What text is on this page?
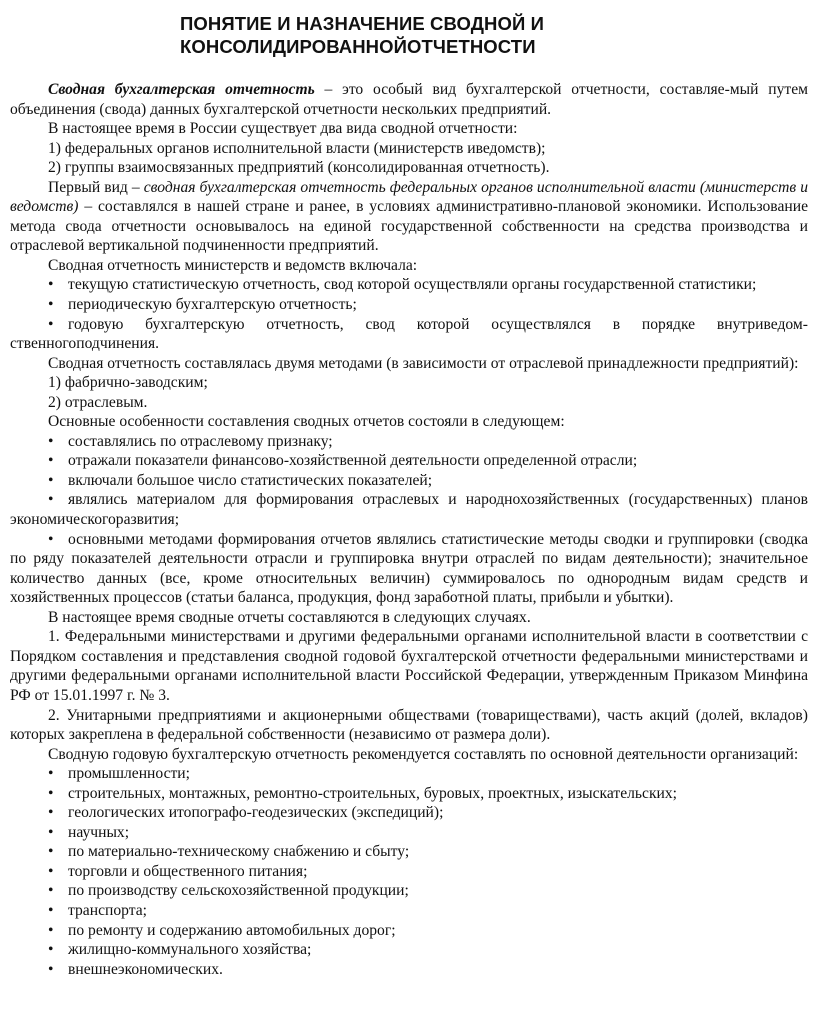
ПОНЯТИЕ И НАЗНАЧЕНИЕ СВОДНОЙ И
КОНСОЛИДИРОВАННОЙОТЧЕТНОСТИ

Сводная бухгалтерская отчетность – это особый вид бухгалтерской отчетности, составляе-мый путем объединения (свода) данных бухгалтерской отчетности нескольких предприятий.

В настоящее время в России существует два вида сводной отчетности:

1) федеральных органов исполнительной власти (министерств иведомств);

2) группы взаимосвязанных предприятий (консолидированная отчетность).

Первый вид – сводная бухгалтерская отчетность федеральных органов исполнительной власти (министерств и ведомств) – составлялся в нашей стране и ранее, в условиях административно-плановой экономики. Использование метода свода отчетности основывалось на единой государственной собственности на средства производства и отраслевой вертикальной подчиненности предприятий.

Сводная отчетность министерств и ведомств включала:

• текущую статистическую отчетность, свод которой осуществляли органы государственной статистики;

• периодическую бухгалтерскую отчетность;

• годовую бухгалтерскую отчетность, свод которой осуществлялся в порядке внутриведом-ственногоподчинения.

Сводная отчетность составлялась двумя методами (в зависимости от отраслевой принадлежности предприятий):

1) фабрично-заводским;

2) отраслевым.

Основные особенности составления сводных отчетов состояли в следующем:

• составлялись по отраслевому признаку;

• отражали показатели финансово-хозяйственной деятельности определенной отрасли;

• включали большое число статистических показателей;

• являлись материалом для формирования отраслевых и народнохозяйственных (государственных) планов экономическогоразвития;

• основными методами формирования отчетов являлись статистические методы сводки и группировки (сводка по ряду показателей деятельности отрасли и группировка внутри отраслей по видам деятельности); значительное количество данных (все, кроме относительных величин) суммировалось по однородным видам средств и хозяйственных процессов (статьи баланса, продукция, фонд заработной платы, прибыли и убытки).

В настоящее время сводные отчеты составляются в следующих случаях.

1. Федеральными министерствами и другими федеральными органами исполнительной власти в соответствии с Порядком составления и представления сводной годовой бухгалтерской отчетности федеральными министерствами и другими федеральными органами исполнительной власти Российской Федерации, утвержденным Приказом Минфина РФ от 15.01.1997 г. № 3.

2. Унитарными предприятиями и акционерными обществами (товариществами), часть акций (долей, вкладов) которых закреплена в федеральной собственности (независимо от размера доли).

Сводную годовую бухгалтерскую отчетность рекомендуется составлять по основной деятельности организаций:

• промышленности;

• строительных, монтажных, ремонтно-строительных, буровых, проектных, изыскательских;

• геологических итопографо-геодезических (экспедиций);

• научных;

• по материально-техническому снабжению и сбыту;

• торговли и общественного питания;

• по производству сельскохозяйственной продукции;

• транспорта;

• по ремонту и содержанию автомобильных дорог;

• жилищно-коммунального хозяйства;

• внешнеэкономических.
